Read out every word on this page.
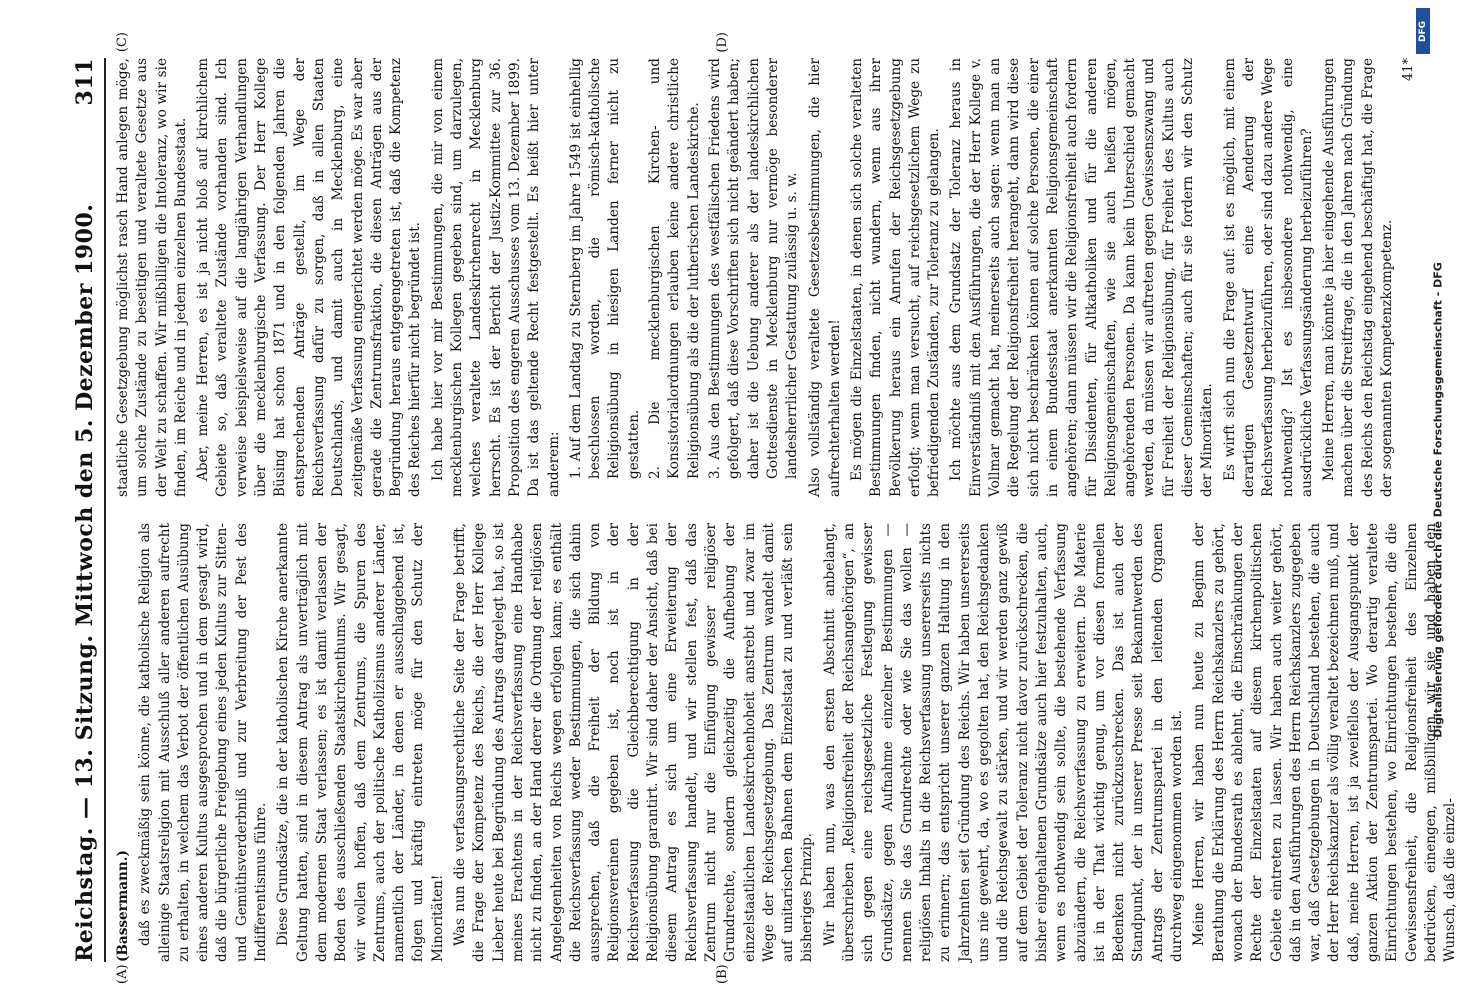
Reichstag. — 13. Sitzung. Mittwoch den 5. Dezember 1900.
311
(A)	(B)

(Bassermann.) daß es zweckmäßig sein könne, die katholische Religion als alleinige Staatsreligion mit Ausschluß aller anderen aufrecht zu erhalten, in welchem das Verbot der öffentlichen Ausübung eines anderen Kultus ausgesprochen und in dem gesagt wird, daß die bürgerliche Freigebung eines jeden Kultus zur Sitten- und Gemüthsverderbniß und zur Verbreitung der Pest des Indifferentismus führe. Diese Grundsätze, die in der katholischen Kirche anerkannte Geltung hatten, sind in diesem Antrag als unverträglich mit dem modernen Staat verlassen; es ist damit verlassen der Boden des ausschließenden Staatskirchenthums. Wir gesagt, wir wollen hoffen, daß dem Zentrums, die Spuren des Zentrums, auch der politische Katholizismus anderer Länder, namentlich der Länder, in denen er ausschlaggebend ist, folgen und kräftig eintreten möge für den Schutz der Minoritäten! Was nun die verfassungsrechtliche Seite der Frage betrifft, die Frage der Kompetenz des Reichs, die der Herr Kollege Lieber heute bei Begründung des Antrags dargelegt hat, so ist meines Erachtens in der Reichsverfassung eine Handhabe nicht zu finden, an der Hand derer die Ordnung der religiösen Angelegenheiten von Reichs wegen erfolgen kann; es enthält die Reichsverfassung weder Bestimmungen, die sich dahin aussprechen, daß die Freiheit der Bildung von Religionsvereinen gegeben ist, noch ist in der Reichsverfassung die Gleichberechtigung in der Religionsübung garantirt. Wir sind daher der Ansicht, daß bei diesem Antrag es sich um eine Erweiterung der Reichsverfassung handelt, und wir stellen fest, daß das Zentrum nicht nur die Einfügung gewisser religiöser Grundrechte, sondern gleichzeitig die Aufhebung der einzelstaatlichen Landeskirchenhoheit anstrebt und zwar im Wege der Reichsgesetzgebung. Das Zentrum wandelt damit auf unitarischen Bahnen dem Einzelstaat zu und verläßt sein bisheriges Prinzip. Wir haben nun, was den ersten Abschnitt anbelangt, überschrieben „Religionsfreiheit der Reichsangehörigen“, an sich gegen eine reichsgesetzliche Festlegung gewisser Grundsätze, gegen Aufnahme einzelner Bestimmungen — nennen Sie das Grundrechte oder wie Sie das wollen — religiösen Inhalts in die Reichsverfassung unsererseits nichts zu erinnern; das entspricht unserer ganzen Haltung in den Jahrzehnten seit Gründung des Reichs. Wir haben unsererseits uns nie gewehrt, da, wo es gegolten hat, den Reichsgedanken und die Reichsgewalt zu stärken, und wir werden ganz gewiß auf dem Gebiet der Toleranz nicht davor zurückschrecken, die bisher eingehaltenen Grundsätze auch hier festzuhalten, auch, wenn es nothwendig sein sollte, die bestehende Verfassung abzuändern, die Reichsverfassung zu erweitern. Die Materie ist in der That wichtig genug, um vor diesen formellen Bedenken nicht zurückzuschrecken. Das ist auch der Standpunkt, der in unserer Presse seit Bekanntwerden des Antrags der Zentrumspartei in den leitenden Organen durchweg eingenommen worden ist. Meine Herren, wir haben nun heute zu Beginn der Berathung die Erklärung des Herrn Reichskanzlers zu gehört, wonach der Bundesrath es ablehnt, die Einschränkungen der Rechte der Einzelstaaten auf diesem kirchenpolitischen Gebiete eintreten zu lassen. Wir haben auch weiter gehört, daß in den Ausführungen des Herrn Reichskanzlers zugegeben war, daß Gesetzgebungen in Deutschland bestehen, die auch der Herr Reichskanzler als völlig veraltet bezeichnen muß, und daß, meine Herren, ist ja zweifellos der Ausgangspunkt der ganzen Aktion der Zentrumspartei. Wo derartig veraltete Einrichtungen bestehen, wo Einrichtungen bestehen, die die Gewissensfreiheit, die Religionsfreiheit des Einzelnen bedrücken, einengen, mißbilligen wir sie und haben den Wunsch, daß die einzel-

(C)	(D)

staatliche Gesetzgebung möglichst rasch Hand anlegen möge, um solche Zustände zu beseitigen und veraltete Gesetze aus der Welt zu schaffen. Wir mißbilligen die Intoleranz, wo wir sie finden, im Reiche und in jedem einzelnen Bundesstaat. Aber, meine Herren, es ist ja nicht bloß auf kirchlichem Gebiete so, daß veraltete Zustände vorhanden sind. Ich verweise beispielsweise auf die langjährigen Verhandlungen über die mecklenburgische Verfassung. Der Herr Kollege Büsing hat schon 1871 und in den folgenden Jahren die entsprechenden Anträge gestellt, im Wege der Reichsverfassung dafür zu sorgen, daß in allen Staaten Deutschlands, und damit auch in Mecklenburg, eine zeitgemäße Verfassung eingerichtet werden möge. Es war aber gerade die Zentrumsfraktion, die diesen Anträgen aus der Begründung heraus entgegengetreten ist, daß die Kompetenz des Reiches hierfür nicht begründet ist. Ich habe hier vor mir Bestimmungen, die mir von einem mecklenburgischen Kollegen gegeben sind, um darzulegen, welches veraltete Landeskirchenrecht in Mecklenburg herrscht. Es ist der Bericht der Justiz-Kommittee zur 36. Proposition des engeren Ausschusses vom 13. Dezember 1899. Da ist das geltende Recht festgestellt. Es heißt hier unter anderem: 1. Auf dem Landtag zu Sternberg im Jahre 1549 ist einhellig beschlossen worden, die römisch-katholische Religionsübung in hiesigen Landen ferner nicht zu gestatten. 2. Die mecklenburgischen Kirchen- und Konsistorialordnungen erlauben keine andere christliche Religionsübung als die der lutherischen Landeskirche. 3. Aus den Bestimmungen des westfälischen Friedens wird gefolgert, daß diese Vorschriften sich nicht geändert haben; daher ist die Uebung anderer als der landeskirchlichen Gottesdienste in Mecklenburg nur vermöge besonderer landesherrlicher Gestattung zulässig u. s. w. Also vollständig veraltete Gesetzesbestimmungen, die hier aufrechterhalten werden! Es mögen die Einzelstaaten, in denen sich solche veralteten Bestimmungen finden, nicht wundern, wenn aus ihrer Bevölkerung heraus ein Anrufen der Reichsgesetzgebung erfolgt; wenn man versucht, auf reichsgesetzlichem Wege zu befriedigenden Zuständen, zur Toleranz zu gelangen. Ich möchte aus dem Grundsatz der Toleranz heraus in Einverständniß mit den Ausführungen, die der Herr Kollege v. Vollmar gemacht hat, meinerseits auch sagen: wenn man an die Regelung der Religionsfreiheit herangeht, dann wird diese sich nicht beschränken können auf solche Personen, die einer in einem Bundesstaat anerkannten Religionsgemeinschaft angehören; dann müssen wir die Religionsfreiheit auch fordern für Dissidenten, für Altkatholiken und für die anderen Religionsgemeinschaften, wie sie auch heißen mögen, angehörenden Personen. Da kann kein Unterschied gemacht werden, da müssen wir auftreten gegen Gewissenszwang und für Freiheit der Religionsübung, für Freiheit des Kultus auch dieser Gemeinschaften; auch für sie fordern wir den Schutz der Minoritäten. Es wirft sich nun die Frage auf: ist es möglich, mit einem derartigen Gesetzentwurf eine Aenderung der Reichsverfassung herbeizuführen, oder sind dazu andere Wege nothwendig? Ist es insbesondere nothwendig, eine ausdrückliche Verfassungsänderung herbeizuführen? Meine Herren, man könnte ja hier eingehende Ausführungen machen über die Streitfrage, die in den Jahren nach Gründung des Reichs den Reichstag eingehend beschäftigt hat, die Frage der sogenannten Kompetenzkompetenz.

41*
DFG
Digitalisierung gefördert durch die Deutsche Forschungsgemeinschaft - DFG
